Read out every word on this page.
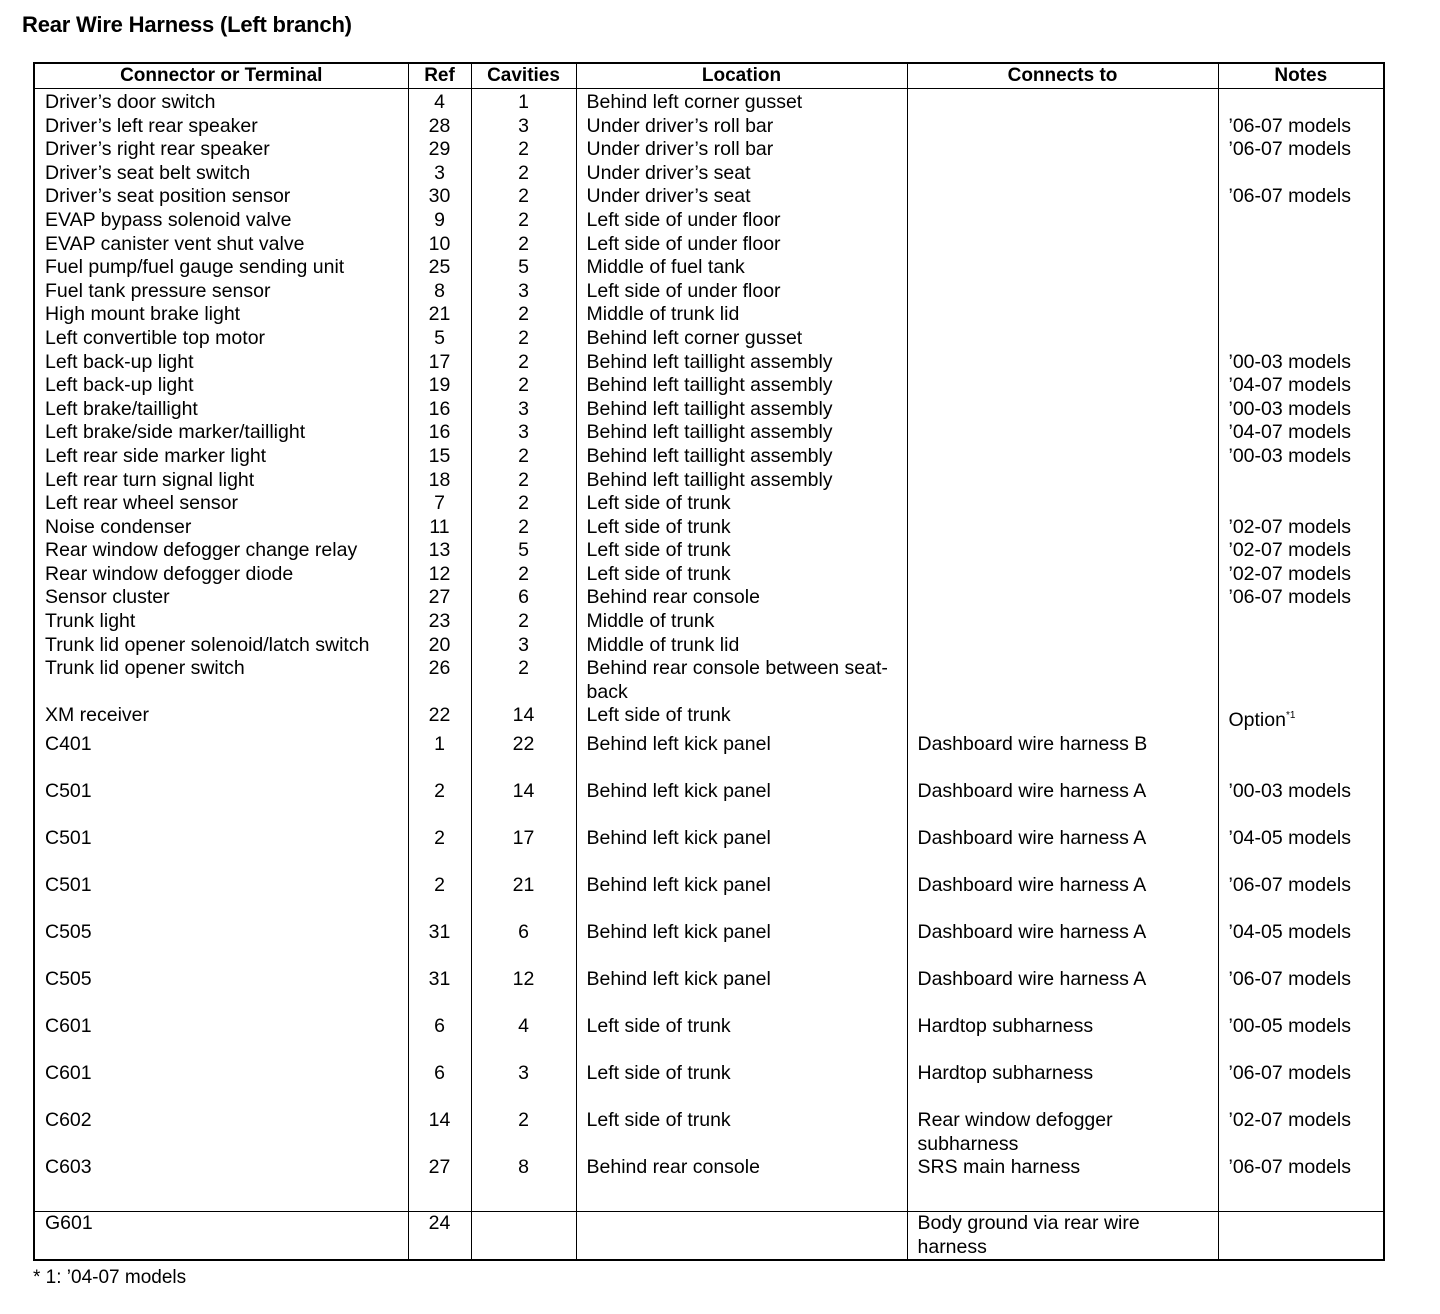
Rear Wire Harness (Left branch)
Connector or Terminal	Ref	Cavities	Location	Connects to	Notes
Driver’s door switch	4	1	Behind left corner gusset		
Driver’s left rear speaker	28	3	Under driver’s roll bar		’06-07 models
Driver’s right rear speaker	29	2	Under driver’s roll bar		’06-07 models
Driver’s seat belt switch	3	2	Under driver’s seat		
Driver’s seat position sensor	30	2	Under driver’s seat		’06-07 models
EVAP bypass solenoid valve	9	2	Left side of under floor		
EVAP canister vent shut valve	10	2	Left side of under floor		
Fuel pump/fuel gauge sending unit	25	5	Middle of fuel tank		
Fuel tank pressure sensor	8	3	Left side of under floor		
High mount brake light	21	2	Middle of trunk lid		
Left convertible top motor	5	2	Behind left corner gusset		
Left back-up light	17	2	Behind left taillight assembly		’00-03 models
Left back-up light	19	2	Behind left taillight assembly		’04-07 models
Left brake/taillight	16	3	Behind left taillight assembly		’00-03 models
Left brake/side marker/taillight	16	3	Behind left taillight assembly		’04-07 models
Left rear side marker light	15	2	Behind left taillight assembly		’00-03 models
Left rear turn signal light	18	2	Behind left taillight assembly		
Left rear wheel sensor	7	2	Left side of trunk		
Noise condenser	11	2	Left side of trunk		’02-07 models
Rear window defogger change relay	13	5	Left side of trunk		’02-07 models
Rear window defogger diode	12	2	Left side of trunk		’02-07 models
Sensor cluster	27	6	Behind rear console		’06-07 models
Trunk light	23	2	Middle of trunk		
Trunk lid opener solenoid/latch switch	20	3	Middle of trunk lid		
Trunk lid opener switch	26	2	Behind rear console between seat-back		
XM receiver	22	14	Left side of trunk		Option$^{*1}$
C401	1	22	Behind left kick panel	Dashboard wire harness B	
C501	2	14	Behind left kick panel	Dashboard wire harness A	’00-03 models
C501	2	17	Behind left kick panel	Dashboard wire harness A	’04-05 models
C501	2	21	Behind left kick panel	Dashboard wire harness A	’06-07 models
C505	31	6	Behind left kick panel	Dashboard wire harness A	’04-05 models
C505	31	12	Behind left kick panel	Dashboard wire harness A	’06-07 models
C601	6	4	Left side of trunk	Hardtop subharness	’00-05 models
C601	6	3	Left side of trunk	Hardtop subharness	’06-07 models
C602	14	2	Left side of trunk	Rear window defogger subharness	’02-07 models
C603	27	8	Behind rear console	SRS main harness	’06-07 models
G601	24			Body ground via rear wire harness	
* 1: ’04-07 models
